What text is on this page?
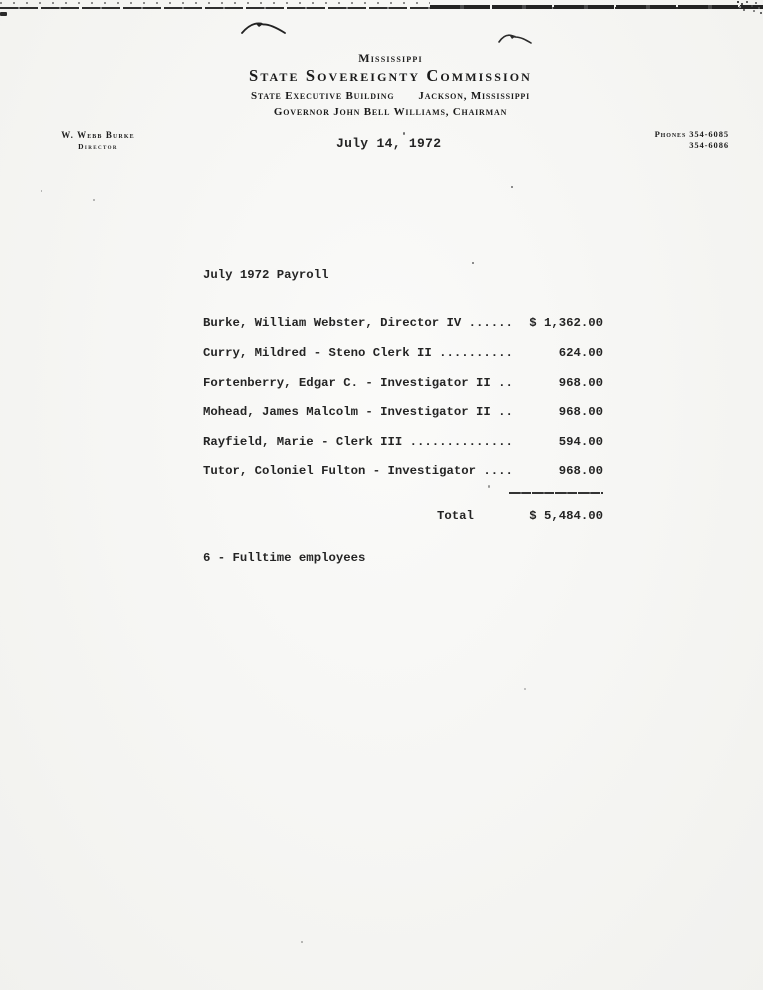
Mississippi
State Sovereignty Commission
State Executive Building Jackson, Mississippi
Governor John Bell Williams, Chairman
W. Webb Burke
Director
Phones 354-6085
354-6086
July 14, 1972
July 1972 Payroll
Burke, William Webster, Director IV ...... $ 1,362.00
Curry, Mildred - Steno Clerk II ..........	624.00
Fortenberry, Edgar C. - Investigator II ..	968.00
Mohead, James Malcolm - Investigator II ..	968.00
Rayfield, Marie - Clerk III ..............	594.00
Tutor, Coloniel Fulton - Investigator ....	968.00
Total	$ 5,484.00
6 - Fulltime employees
